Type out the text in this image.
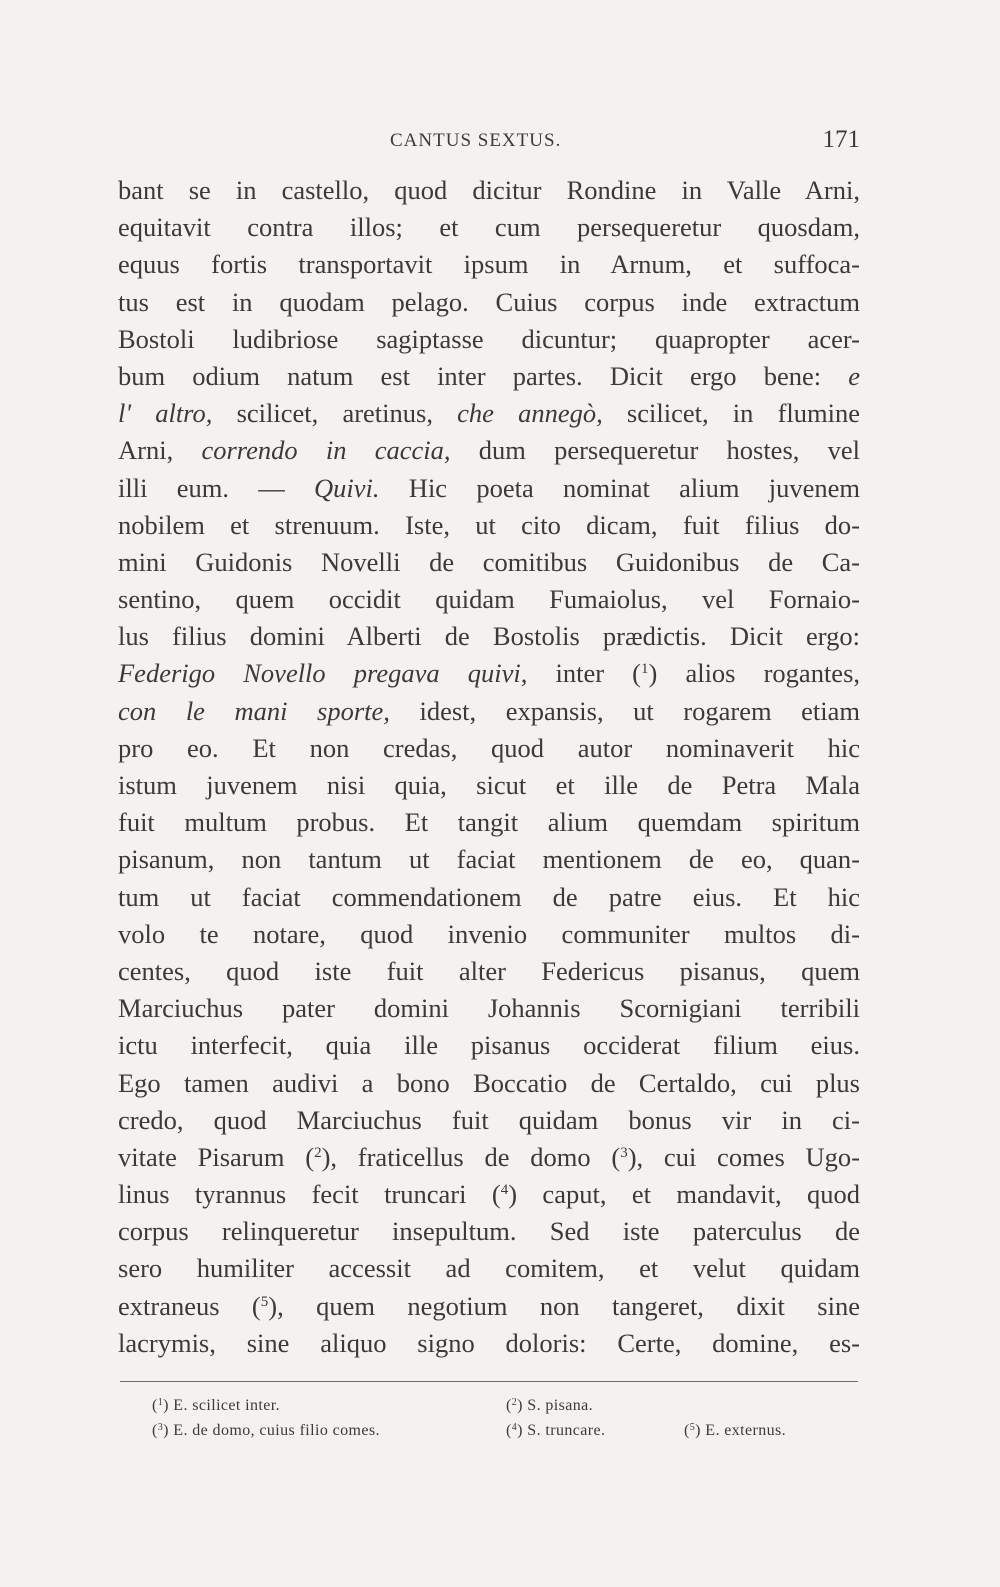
CANTUS SEXTUS.	171
bant se in castello, quod dicitur Rondine in Valle Arni,
equitavit contra illos; et cum persequeretur quosdam,
equus fortis transportavit ipsum in Arnum, et suffoca-
tus est in quodam pelago. Cuius corpus inde extractum
Bostoli ludibriose sagiptasse dicuntur; quapropter acer-
bum odium natum est inter partes. Dicit ergo bene: e
l' altro, scilicet, aretinus, che annegò, scilicet, in flumine
Arni, correndo in caccia, dum persequeretur hostes, vel
illi eum. — Quivi. Hic poeta nominat alium juvenem
nobilem et strenuum. Iste, ut cito dicam, fuit filius do-
mini Guidonis Novelli de comitibus Guidonibus de Ca-
sentino, quem occidit quidam Fumaiolus, vel Fornaio-
lus filius domini Alberti de Bostolis prædictis. Dicit ergo:
Federigo Novello pregava quivi, inter ($^1$) alios rogantes,
con le mani sporte, idest, expansis, ut rogarem etiam
pro eo. Et non credas, quod autor nominaverit hic
istum juvenem nisi quia, sicut et ille de Petra Mala
fuit multum probus. Et tangit alium quemdam spiritum
pisanum, non tantum ut faciat mentionem de eo, quan-
tum ut faciat commendationem de patre eius. Et hic
volo te notare, quod invenio communiter multos di-
centes, quod iste fuit alter Federicus pisanus, quem
Marciuchus pater domini Johannis Scornigiani terribili
ictu interfecit, quia ille pisanus occiderat filium eius.
Ego tamen audivi a bono Boccatio de Certaldo, cui plus
credo, quod Marciuchus fuit quidam bonus vir in ci-
vitate Pisarum ($^2$), fraticellus de domo ($^3$), cui comes Ugo-
linus tyrannus fecit truncari ($^4$) caput, et mandavit, quod
corpus relinqueretur insepultum. Sed iste paterculus de
sero humiliter accessit ad comitem, et velut quidam
extraneus ($^5$), quem negotium non tangeret, dixit sine
lacrymis, sine aliquo signo doloris: Certe, domine, es-
($^1$) E. scilicet inter.	($^2$) S. pisana.
($^3$) E. de domo, cuius filio comes.	($^4$) S. truncare.	($^5$) E. externus.
